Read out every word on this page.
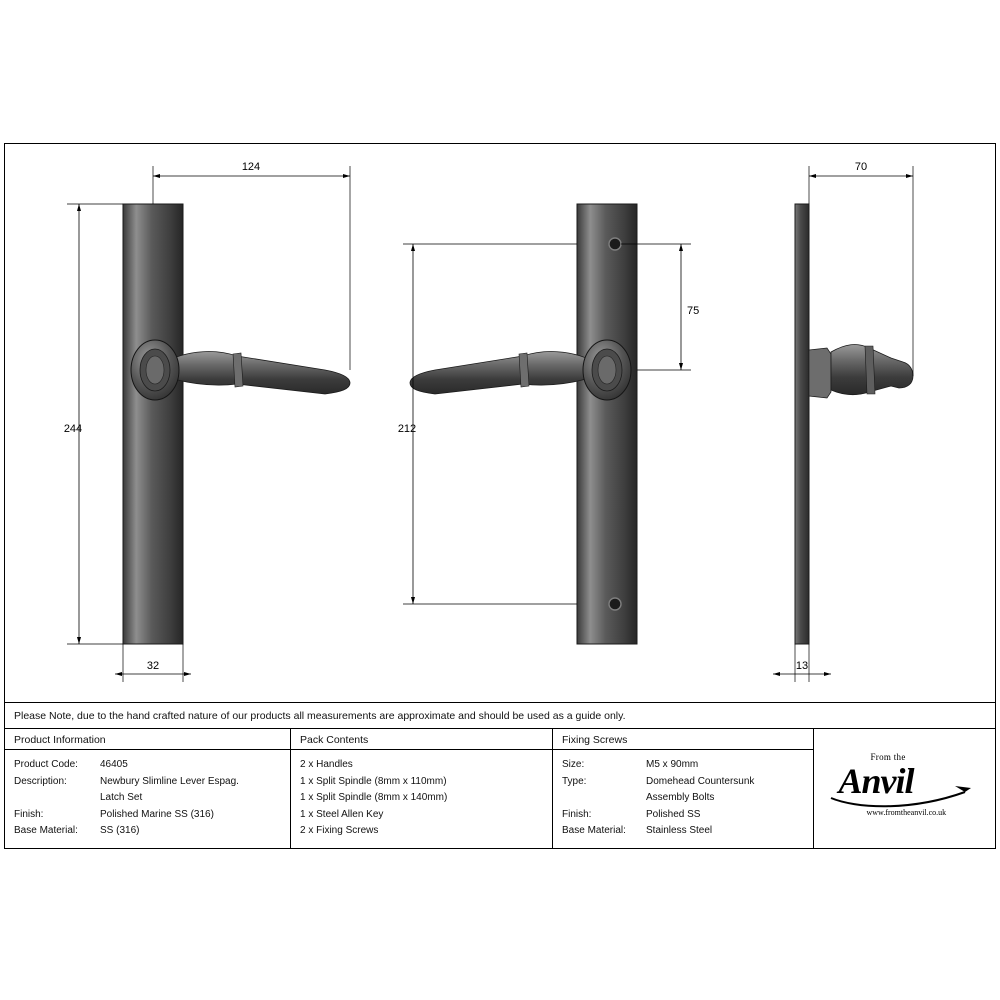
124
244
32
75
212
70
13
Please Note, due to the hand crafted nature of our products all measurements are approximate and should be used as a guide only.
Product Information
Product Code:	46405
Description:	Newbury Slimline Lever Espag.
Latch Set
Finish:	Polished Marine SS (316)
Base Material:	SS (316)
Pack Contents
2 x Handles
1 x Split Spindle (8mm x 110mm)
1 x Split Spindle (8mm x 140mm)
1 x Steel Allen Key
2 x Fixing Screws
Fixing Screws
Size:	M5 x 90mm
Type:	Domehead Countersunk
Assembly Bolts
Finish:	Polished SS
Base Material:	Stainless Steel
From the
Anvil
www.fromtheanvil.co.uk
